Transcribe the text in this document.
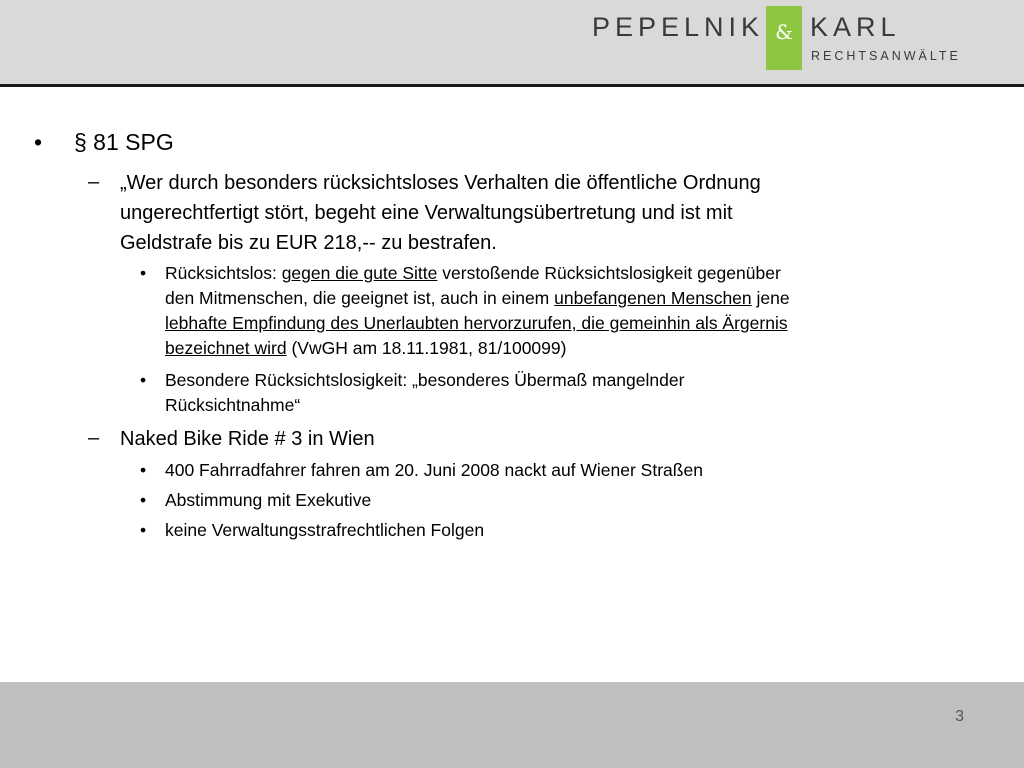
PEPELNIK & KARL
RECHTSANWÄLTE
• § 81 SPG
– „Wer durch besonders rücksichtsloses Verhalten die öffentliche Ordnung
ungerechtfertigt stört, begeht eine Verwaltungsübertretung und ist mit
Geldstrafe bis zu EUR 218,-- zu bestrafen.
• Rücksichtslos: gegen die gute Sitte verstoßende Rücksichtslosigkeit gegenüber
den Mitmenschen, die geeignet ist, auch in einem unbefangenen Menschen jene
lebhafte Empfindung des Unerlaubten hervorzurufen, die gemeinhin als Ärgernis
bezeichnet wird (VwGH am 18.11.1981, 81/100099)
• Besondere Rücksichtslosigkeit: „besonderes Übermaß mangelnder
Rücksichtnahme“
– Naked Bike Ride # 3 in Wien
• 400 Fahrradfahrer fahren am 20. Juni 2008 nackt auf Wiener Straßen
• Abstimmung mit Exekutive
• keine Verwaltungsstrafrechtlichen Folgen
3
